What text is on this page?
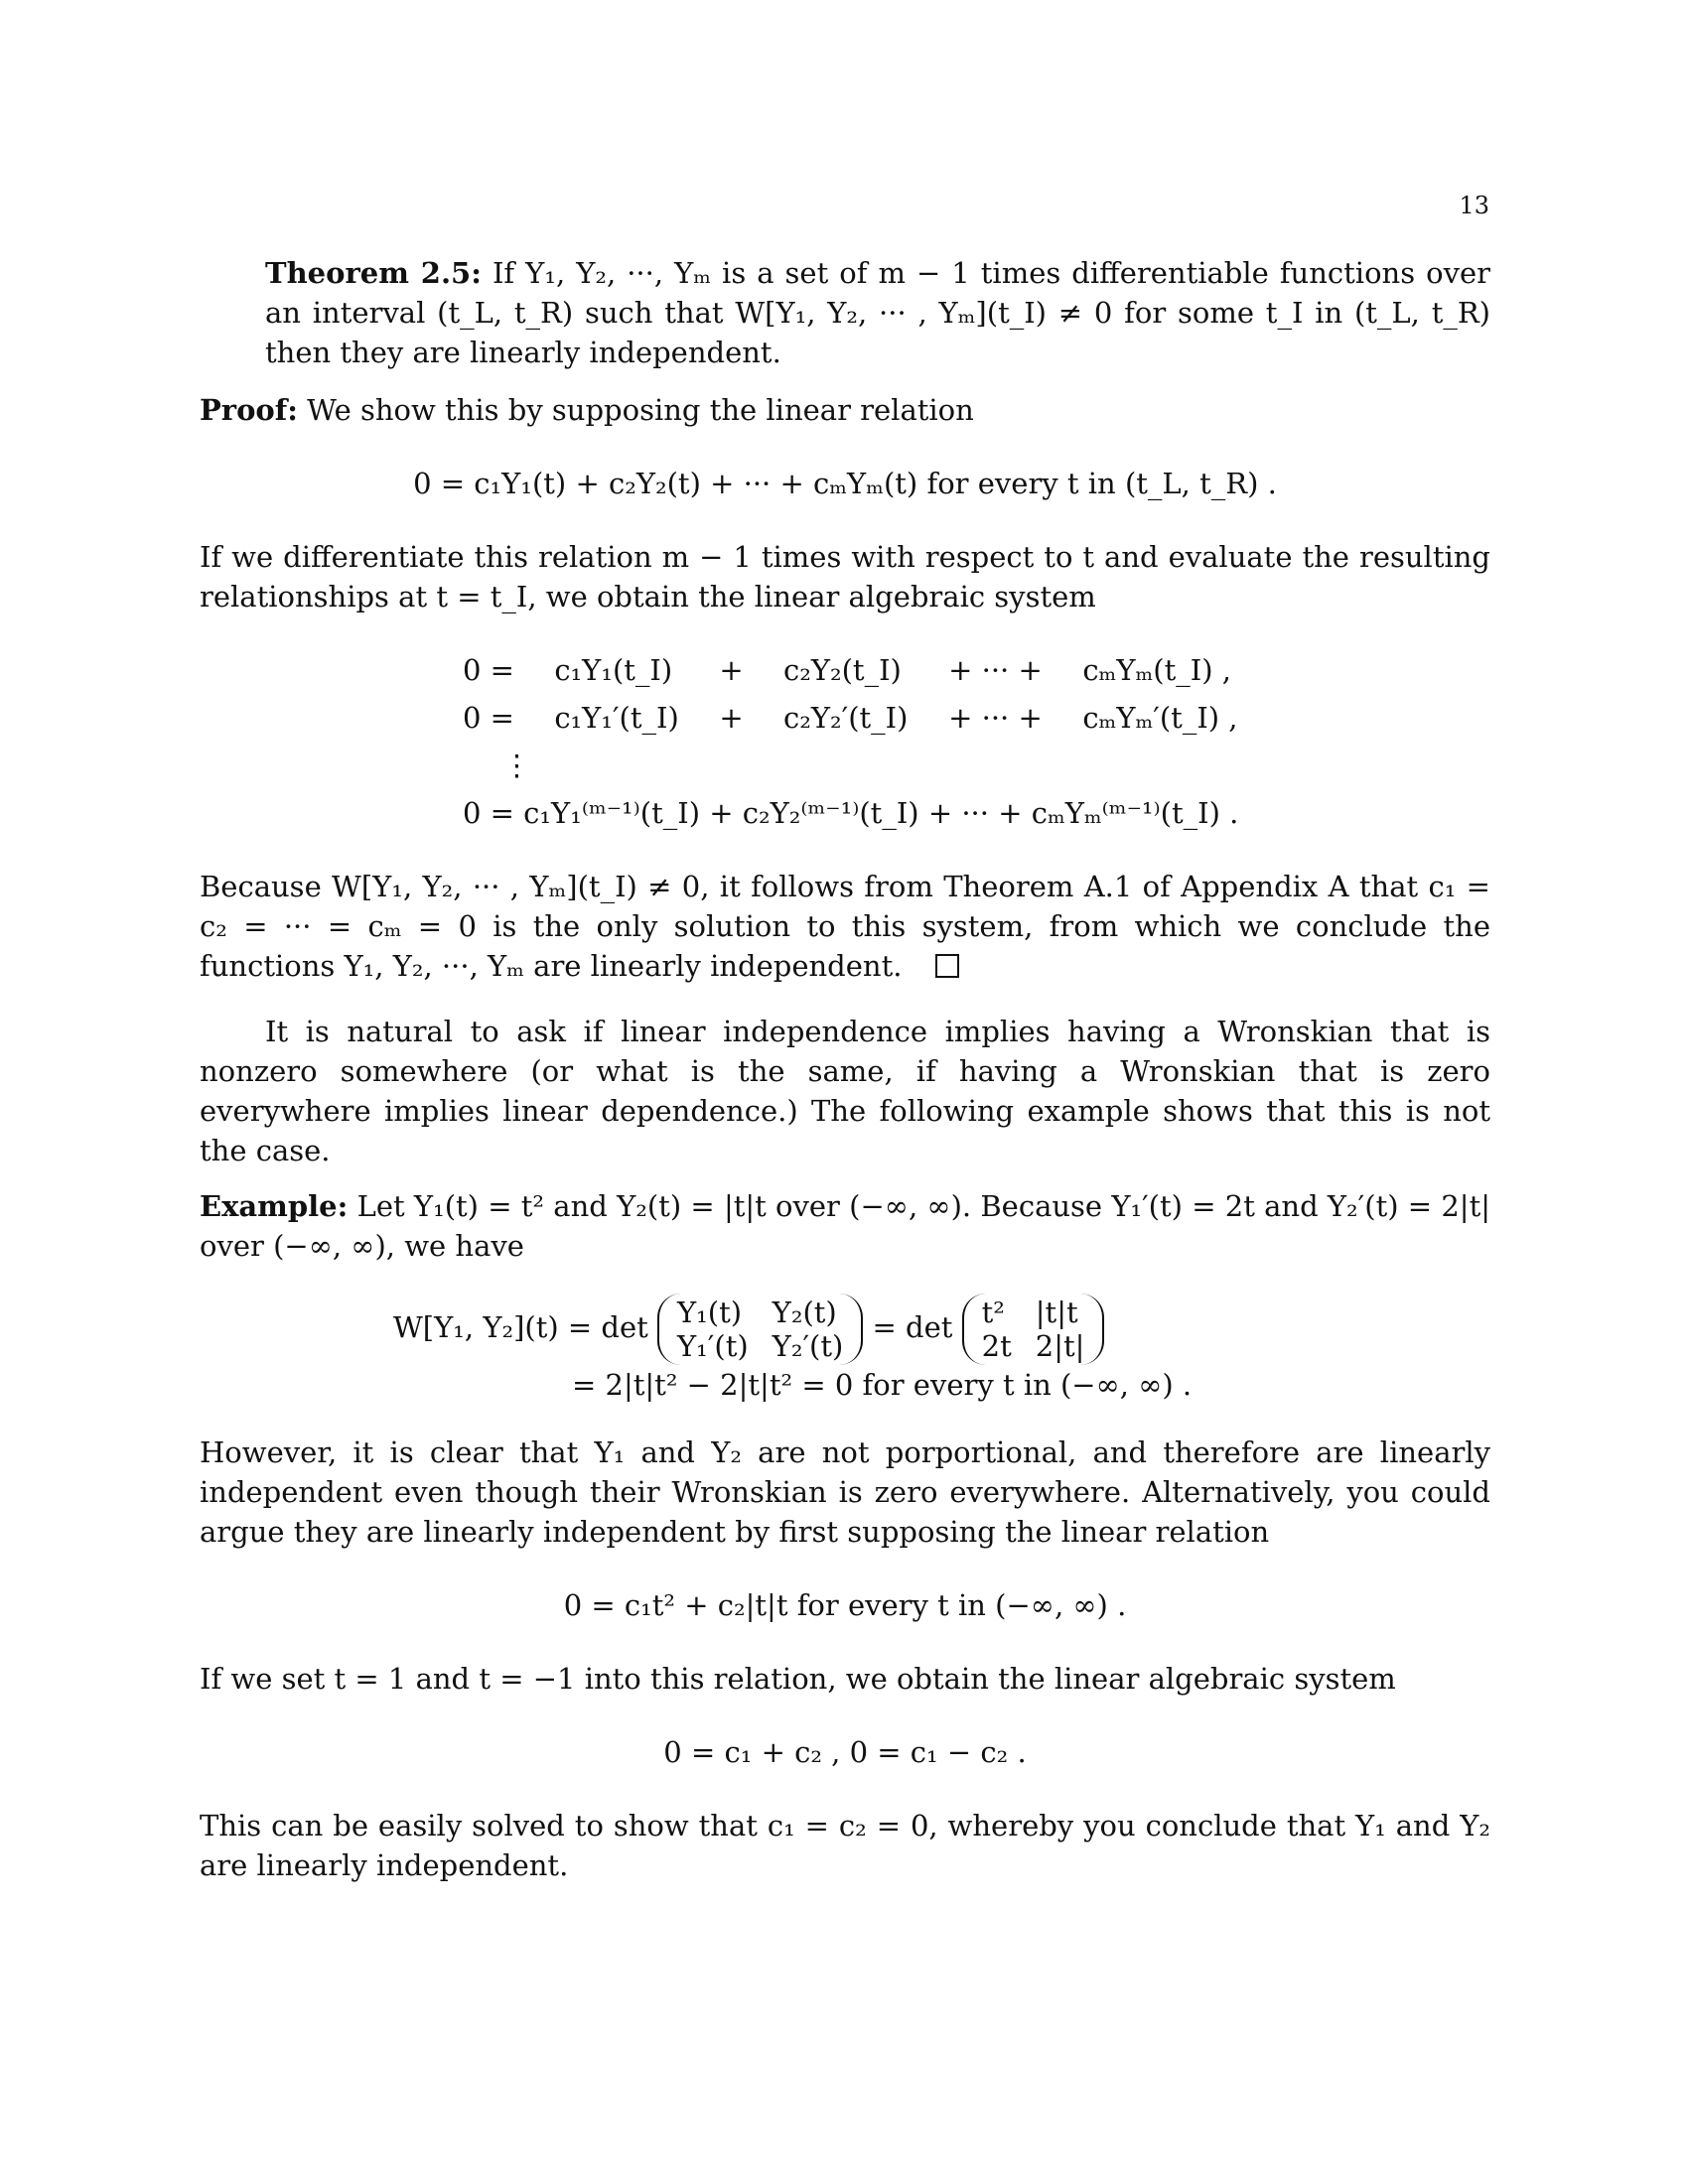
13

Theorem 2.5: If Y₁, Y₂, ···, Yₘ is a set of m − 1 times differentiable functions over an interval (t_L, t_R) such that W[Y₁, Y₂, ··· , Yₘ](t_I) ≠ 0 for some t_I in (t_L, t_R) then they are linearly independent.

Proof: We show this by supposing the linear relation

0 = c₁Y₁(t) + c₂Y₂(t) + ··· + cₘYₘ(t) for every t in (t_L, t_R) .

If we differentiate this relation m − 1 times with respect to t and evaluate the resulting relationships at t = t_I, we obtain the linear algebraic system

0 =	c₁Y₁(t_I)	+	c₂Y₂(t_I)	+ ··· +	cₘYₘ(t_I) ,
0 =	c₁Y₁′(t_I)	+	c₂Y₂′(t_I)	+ ··· +	cₘYₘ′(t_I) ,
⋮					
0 = c₁Y₁⁽ᵐ⁻¹⁾(t_I) + c₂Y₂⁽ᵐ⁻¹⁾(t_I) + ··· + cₘYₘ⁽ᵐ⁻¹⁾(t_I) .					

Because W[Y₁, Y₂, ··· , Yₘ](t_I) ≠ 0, it follows from Theorem A.1 of Appendix A that c₁ = c₂ = ··· = cₘ = 0 is the only solution to this system, from which we conclude the functions Y₁, Y₂, ···, Yₘ are linearly independent.

It is natural to ask if linear independence implies having a Wronskian that is nonzero somewhere (or what is the same, if having a Wronskian that is zero everywhere implies linear dependence.) The following example shows that this is not the case.

Example: Let Y₁(t) = t² and Y₂(t) = |t|t over (−∞, ∞). Because Y₁′(t) = 2t and Y₂′(t) = 2|t| over (−∞, ∞), we have

W[Y₁, Y₂](t) = det Y₁(t) Y₂(t)
Y₁′(t) Y₂′(t)
= det t² |t|t
2t 2|t|
= 2|t|t² − 2|t|t² = 0 for every t in (−∞, ∞) .

However, it is clear that Y₁ and Y₂ are not porportional, and therefore are linearly independent even though their Wronskian is zero everywhere. Alternatively, you could argue they are linearly independent by first supposing the linear relation

0 = c₁t² + c₂|t|t for every t in (−∞, ∞) .

If we set t = 1 and t = −1 into this relation, we obtain the linear algebraic system

0 = c₁ + c₂ , 0 = c₁ − c₂ .

This can be easily solved to show that c₁ = c₂ = 0, whereby you conclude that Y₁ and Y₂ are linearly independent.
